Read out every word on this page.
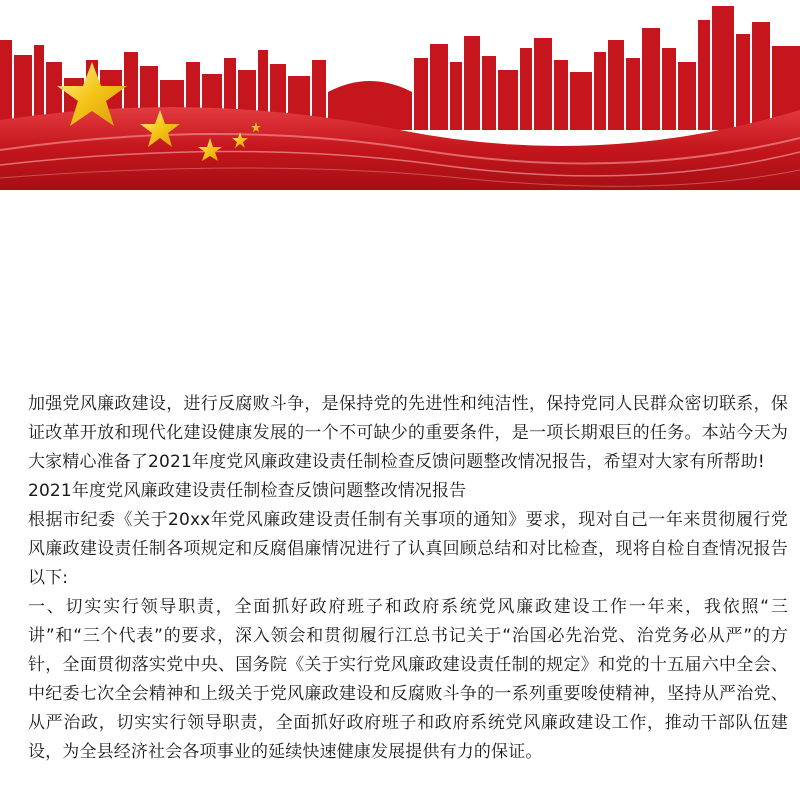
加强党风廉政建设，进行反腐败斗争，是保持党的先进性和纯洁性，保持党同人民群众密切联系，保证改革开放和现代化建设健康发展的一个不可缺少的重要条件，是一项长期艰巨的任务。本站今天为大家精心准备了2021年度党风廉政建设责任制检查反馈问题整改情况报告，希望对大家有所帮助!

2021年度党风廉政建设责任制检查反馈问题整改情况报告

根据市纪委《关于20xx年党风廉政建设责任制有关事项的通知》要求，现对自己一年来贯彻履行党风廉政建设责任制各项规定和反腐倡廉情况进行了认真回顾总结和对比检查，现将自检自查情况报告以下:

一、切实实行领导职责，全面抓好政府班子和政府系统党风廉政建设工作一年来，我依照“三讲”和“三个代表”的要求，深入领会和贯彻履行江总书记关于“治国必先治党、治党务必从严”的方针，全面贯彻落实党中央、国务院《关于实行党风廉政建设责任制的规定》和党的十五届六中全会、中纪委七次全会精神和上级关于党风廉政建设和反腐败斗争的一系列重要唆使精神，坚持从严治党、从严治政，切实实行领导职责，全面抓好政府班子和政府系统党风廉政建设工作，推动干部队伍建设，为全县经济社会各项事业的延续快速健康发展提供有力的保证。
